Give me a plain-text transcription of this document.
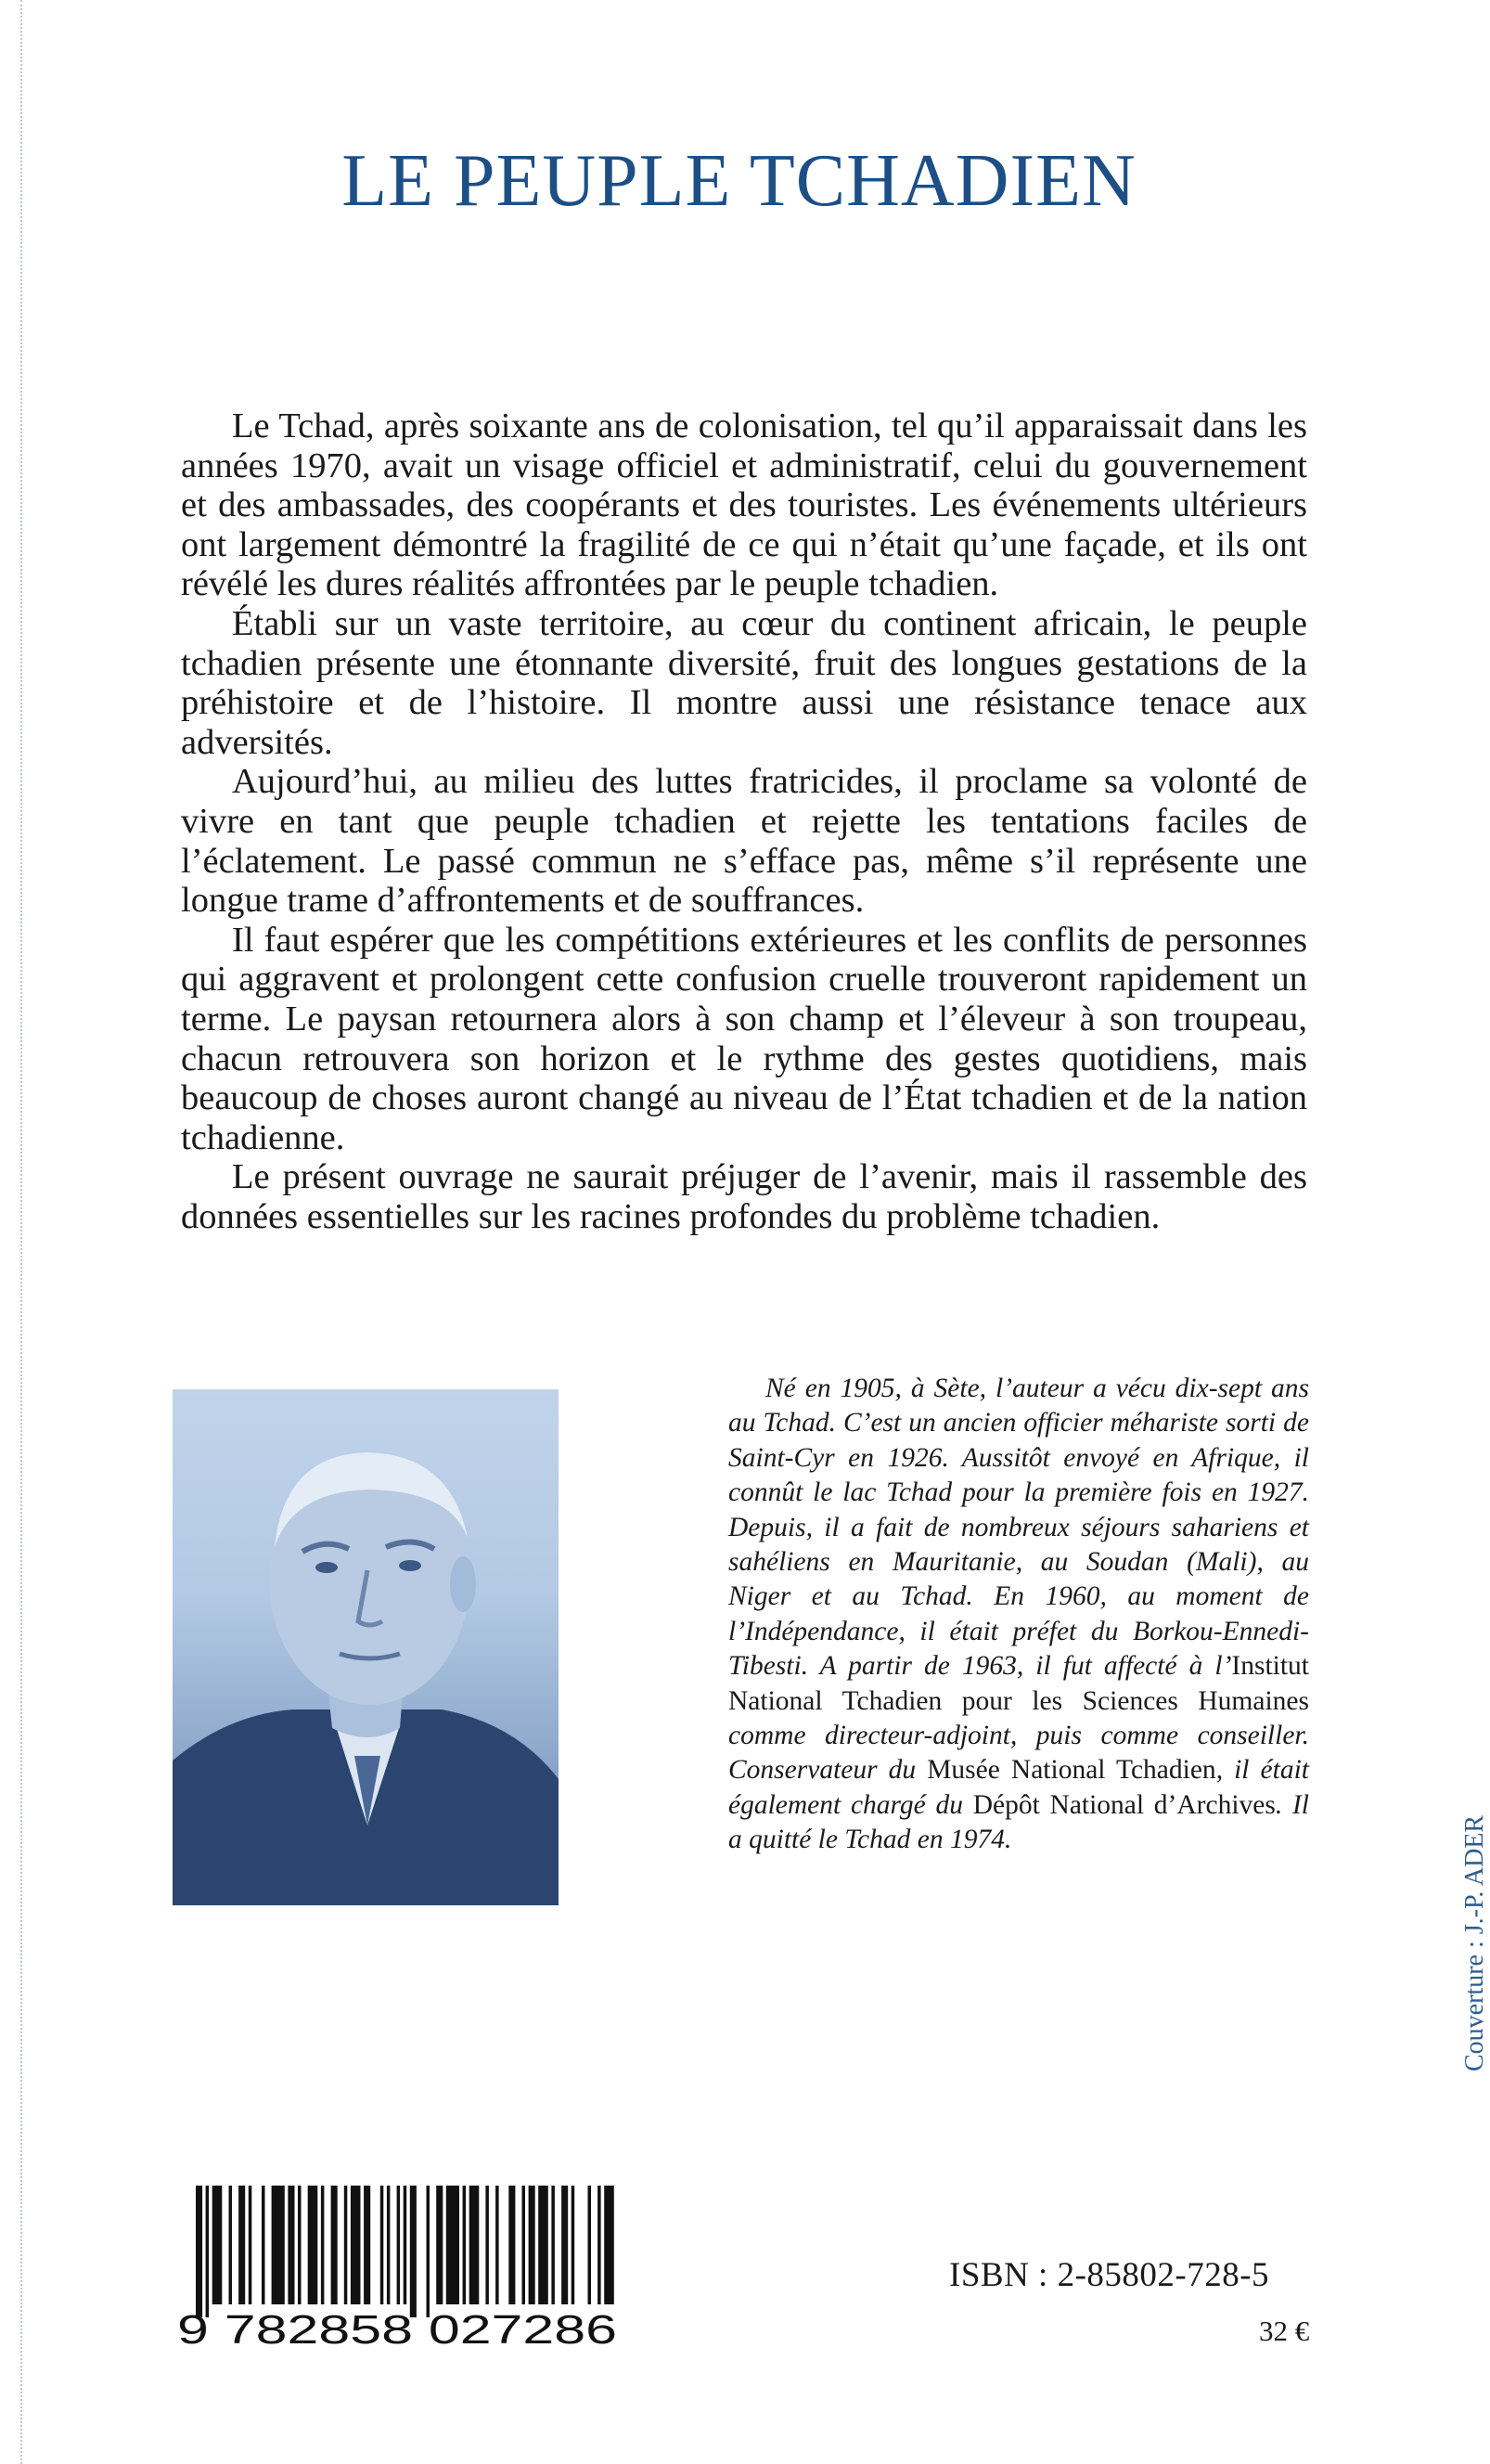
LE PEUPLE TCHADIEN

Le Tchad, après soixante ans de colonisation, tel qu’il apparaissait dans les années 1970, avait un visage officiel et administratif, celui du gouvernement et des ambassades, des coopérants et des touristes. Les événements ultérieurs ont largement démontré la fragilité de ce qui n’était qu’une façade, et ils ont révélé les dures réalités affrontées par le peuple tchadien.

Établi sur un vaste territoire, au cœur du continent africain, le peuple tchadien présente une étonnante diversité, fruit des longues gestations de la préhistoire et de l’histoire. Il montre aussi une résistance tenace aux adversités.

Aujourd’hui, au milieu des luttes fratricides, il proclame sa volonté de vivre en tant que peuple tchadien et rejette les tentations faciles de l’éclatement. Le passé commun ne s’efface pas, même s’il représente une longue trame d’affrontements et de souffrances.

Il faut espérer que les compétitions extérieures et les conflits de personnes qui aggravent et prolongent cette confusion cruelle trouveront rapidement un terme. Le paysan retournera alors à son champ et l’éleveur à son troupeau, chacun retrouvera son horizon et le rythme des gestes quotidiens, mais beaucoup de choses auront changé au niveau de l’État tchadien et de la nation tchadienne.

Le présent ouvrage ne saurait préjuger de l’avenir, mais il rassemble des données essentielles sur les racines profondes du problème tchadien.

Né en 1905, à Sète, l’auteur a vécu dix-sept ans au Tchad. C’est un ancien officier méhariste sorti de Saint-Cyr en 1926. Aussitôt envoyé en Afrique, il connût le lac Tchad pour la première fois en 1927. Depuis, il a fait de nombreux séjours sahariens et sahéliens en Mauritanie, au Soudan (Mali), au Niger et au Tchad. En 1960, au moment de l’Indépendance, il était préfet du Borkou-Ennedi-Tibesti. A partir de 1963, il fut affecté à l’Institut National Tchadien pour les Sciences Humaines comme directeur-adjoint, puis comme conseiller. Conservateur du Musée National Tchadien, il était également chargé du Dépôt National d’Archives. Il a quitté le Tchad en 1974.

9 782858 027286

ISBN : 2-85802-728-5

32 €

Couverture : J.-P. ADER
